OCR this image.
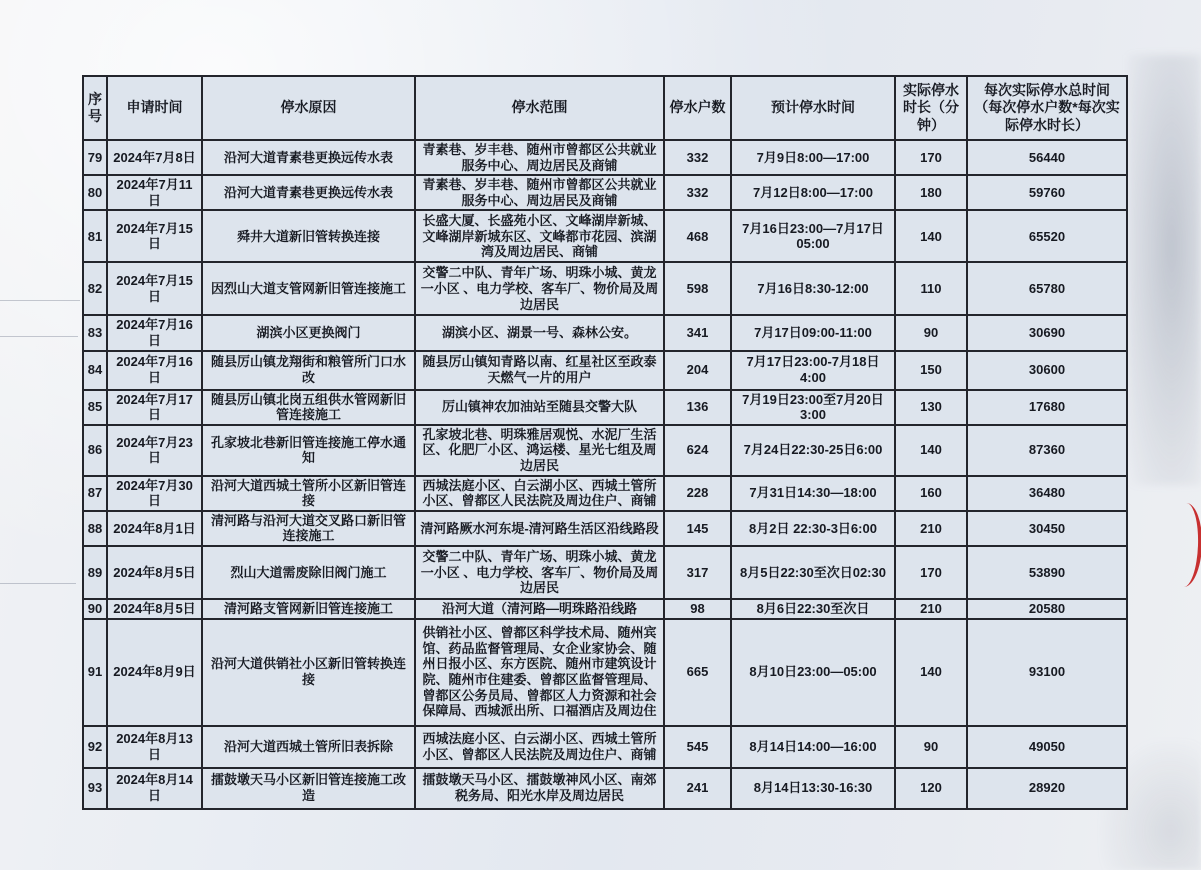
序号	申请时间	停水原因	停水范围	停水户数	预计停水时间	实际停水时长（分钟）	每次实际停水总时间（每次停水户数*每次实际停水时长）
79	2024年7月8日	沿河大道青素巷更换远传水表	青素巷、岁丰巷、随州市曾都区公共就业服务中心、周边居民及商铺	332	7月9日8:00—17:00	170	56440
80	2024年7月11日	沿河大道青素巷更换远传水表	青素巷、岁丰巷、随州市曾都区公共就业服务中心、周边居民及商铺	332	7月12日8:00—17:00	180	59760
81	2024年7月15日	舜井大道新旧管转换连接	长盛大厦、长盛苑小区、文峰湖岸新城、文峰湖岸新城东区、文峰都市花园、滨湖湾及周边居民、商铺	468	7月16日23:00—7月17日05:00	140	65520
82	2024年7月15日	因烈山大道支管网新旧管连接施工	交警二中队、青年广场、明珠小城、黄龙一小区 、电力学校、客车厂、物价局及周边居民	598	7月16日8:30-12:00	110	65780
83	2024年7月16日	湖滨小区更换阀门	湖滨小区、湖景一号、森林公安。	341	7月17日09:00-11:00	90	30690
84	2024年7月16日	随县厉山镇龙翔街和粮管所门口水改	随县厉山镇知青路以南、红星社区至政泰天燃气一片的用户	204	7月17日23:00-7月18日4:00	150	30600
85	2024年7月17日	随县厉山镇北岗五组供水管网新旧管连接施工	厉山镇神农加油站至随县交警大队	136	7月19日23:00至7月20日3:00	130	17680
86	2024年7月23日	孔家坡北巷新旧管连接施工停水通知	孔家坡北巷、明珠雅居观悦、水泥厂生活区、化肥厂小区、鸿运楼、星光七组及周边居民	624	7月24日22:30-25日6:00	140	87360
87	2024年7月30日	沿河大道西城土管所小区新旧管连接	西城法庭小区、白云湖小区、西城土管所小区、曾都区人民法院及周边住户、商铺	228	7月31日14:30—18:00	160	36480
88	2024年8月1日	清河路与沿河大道交叉路口新旧管连接施工	清河路厥水河东堤-清河路生活区沿线路段	145	8月2日 22:30-3日6:00	210	30450
89	2024年8月5日	烈山大道需废除旧阀门施工	交警二中队、青年广场、明珠小城、黄龙一小区 、电力学校、客车厂、物价局及周边居民	317	8月5日22:30至次日02:30	170	53890
90	2024年8月5日	清河路支管网新旧管连接施工	沿河大道（清河路—明珠路沿线路	98	8月6日22:30至次日	210	20580
91	2024年8月9日	沿河大道供销社小区新旧管转换连接	供销社小区、曾都区科学技术局、随州宾馆、药品监督管理局、女企业家协会、随州日报小区、东方医院、随州市建筑设计院、随州市住建委、曾都区监督管理局、曾都区公务员局、曾都区人力资源和社会保障局、西城派出所、口福酒店及周边住	665	8月10日23:00—05:00	140	93100
92	2024年8月13日	沿河大道西城土管所旧表拆除	西城法庭小区、白云湖小区、西城土管所小区、曾都区人民法院及周边住户、商铺	545	8月14日14:00—16:00	90	49050
93	2024年8月14日	擂鼓墩天马小区新旧管连接施工改造	擂鼓墩天马小区、擂鼓墩神风小区、南郊税务局、阳光水岸及周边居民	241	8月14日13:30-16:30	120	28920
